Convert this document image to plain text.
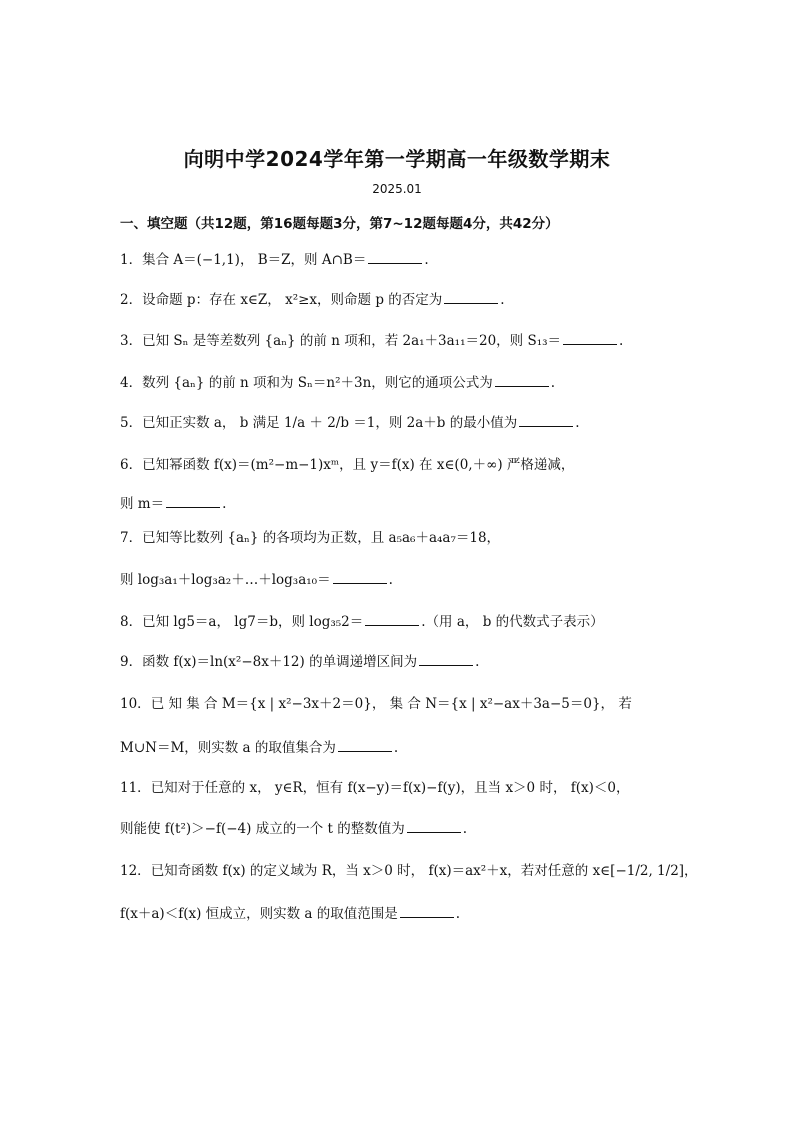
向明中学2024学年第一学期高一年级数学期末
2025.01
一、填空题（共12题，第16题每题3分，第7~12题每题4分，共42分）
1．集合 A＝(−1,1)， B＝Z，则 A∩B＝	.
2．设命题 p：存在 x∈Z， x²≥x，则命题 p 的否定为	.
3．已知 Sₙ 是等差数列 {aₙ} 的前 n 项和，若 2a₁＋3a₁₁＝20，则 S₁₃＝	.
4．数列 {aₙ} 的前 n 项和为 Sₙ＝n²＋3n，则它的通项公式为	.
5．已知正实数 a， b 满足 1/a ＋ 2/b ＝1，则 2a＋b 的最小值为	.
6．已知幂函数 f(x)＝(m²−m−1)xᵐ，且 y＝f(x) 在 x∈(0,＋∞) 严格递减，
则 m＝	.
7．已知等比数列 {aₙ} 的各项均为正数，且 a₅a₆＋a₄a₇＝18，
则 log₃a₁＋log₃a₂＋…＋log₃a₁₀＝	.
8．已知 lg5＝a， lg7＝b，则 log₃₅2＝	.（用 a， b 的代数式子表示）
9．函数 f(x)＝ln(x²−8x＋12) 的单调递增区间为	.
10．已 知 集 合 M＝{x | x²−3x＋2＝0}， 集 合 N＝{x | x²−ax＋3a−5＝0}， 若
M∪N＝M，则实数 a 的取值集合为	.
11．已知对于任意的 x， y∈R，恒有 f(x−y)＝f(x)−f(y)，且当 x＞0 时， f(x)＜0，
则能使 f(t²)＞−f(−4) 成立的一个 t 的整数值为	.
12．已知奇函数 f(x) 的定义域为 R，当 x＞0 时， f(x)＝ax²＋x，若对任意的 x∈[−1/2, 1/2]，
f(x＋a)＜f(x) 恒成立，则实数 a 的取值范围是	.
